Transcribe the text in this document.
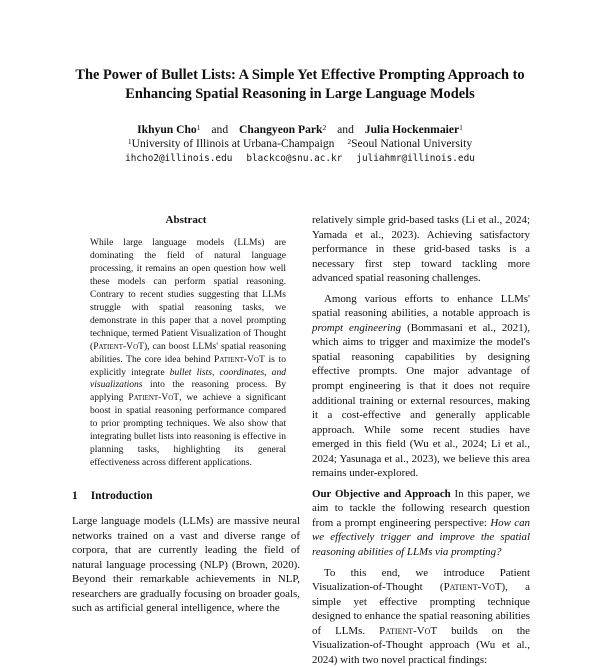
The Power of Bullet Lists: A Simple Yet Effective Prompting Approach to
Enhancing Spatial Reasoning in Large Language Models
Ikhyun Cho$^1$ and Changyeon Park$^2$ and Julia Hockenmaier$^1$
$^1$University of Illinois at Urbana-Champaign $^2$Seoul National University
ihcho2@illinois.edu blackco@snu.ac.kr juliahmr@illinois.edu
Abstract

While large language models (LLMs) are dominating the field of natural language processing, it remains an open question how well these models can perform spatial reasoning. Contrary to recent studies suggesting that LLMs struggle with spatial reasoning tasks, we demonstrate in this paper that a novel prompting technique, termed Patient Visualization of Thought (Patient-VoT), can boost LLMs' spatial reasoning abilities. The core idea behind Patient-VoT is to explicitly integrate bullet lists, coordinates, and visualizations into the reasoning process. By applying Patient-VoT, we achieve a significant boost in spatial reasoning performance compared to prior prompting techniques. We also show that integrating bullet lists into reasoning is effective in planning tasks, highlighting its general effectiveness across different applications.

1 Introduction

Large language models (LLMs) are massive neural networks trained on a vast and diverse range of corpora, that are currently leading the field of natural language processing (NLP) (Brown, 2020). Beyond their remarkable achievements in NLP, researchers are gradually focusing on broader goals, such as artificial general intelligence, where the

relatively simple grid-based tasks (Li et al., 2024; Yamada et al., 2023). Achieving satisfactory performance in these grid-based tasks is a necessary first step toward tackling more advanced spatial reasoning challenges.

Among various efforts to enhance LLMs' spatial reasoning abilities, a notable approach is prompt engineering (Bommasani et al., 2021), which aims to trigger and maximize the model's spatial reasoning capabilities by designing effective prompts. One major advantage of prompt engineering is that it does not require additional training or external resources, making it a cost-effective and generally applicable approach. While some recent studies have emerged in this field (Wu et al., 2024; Li et al., 2024; Yasunaga et al., 2023), we believe this area remains under-explored.

Our Objective and Approach In this paper, we aim to tackle the following research question from a prompt engineering perspective: How can we effectively trigger and improve the spatial reasoning abilities of LLMs via prompting?

To this end, we introduce Patient Visualization-of-Thought (Patient-VoT), a simple yet effective prompting technique designed to enhance the spatial reasoning abilities of LLMs. Patient-VoT builds on the Visualization-of-Thought approach (Wu et al., 2024) with two novel practical findings:
